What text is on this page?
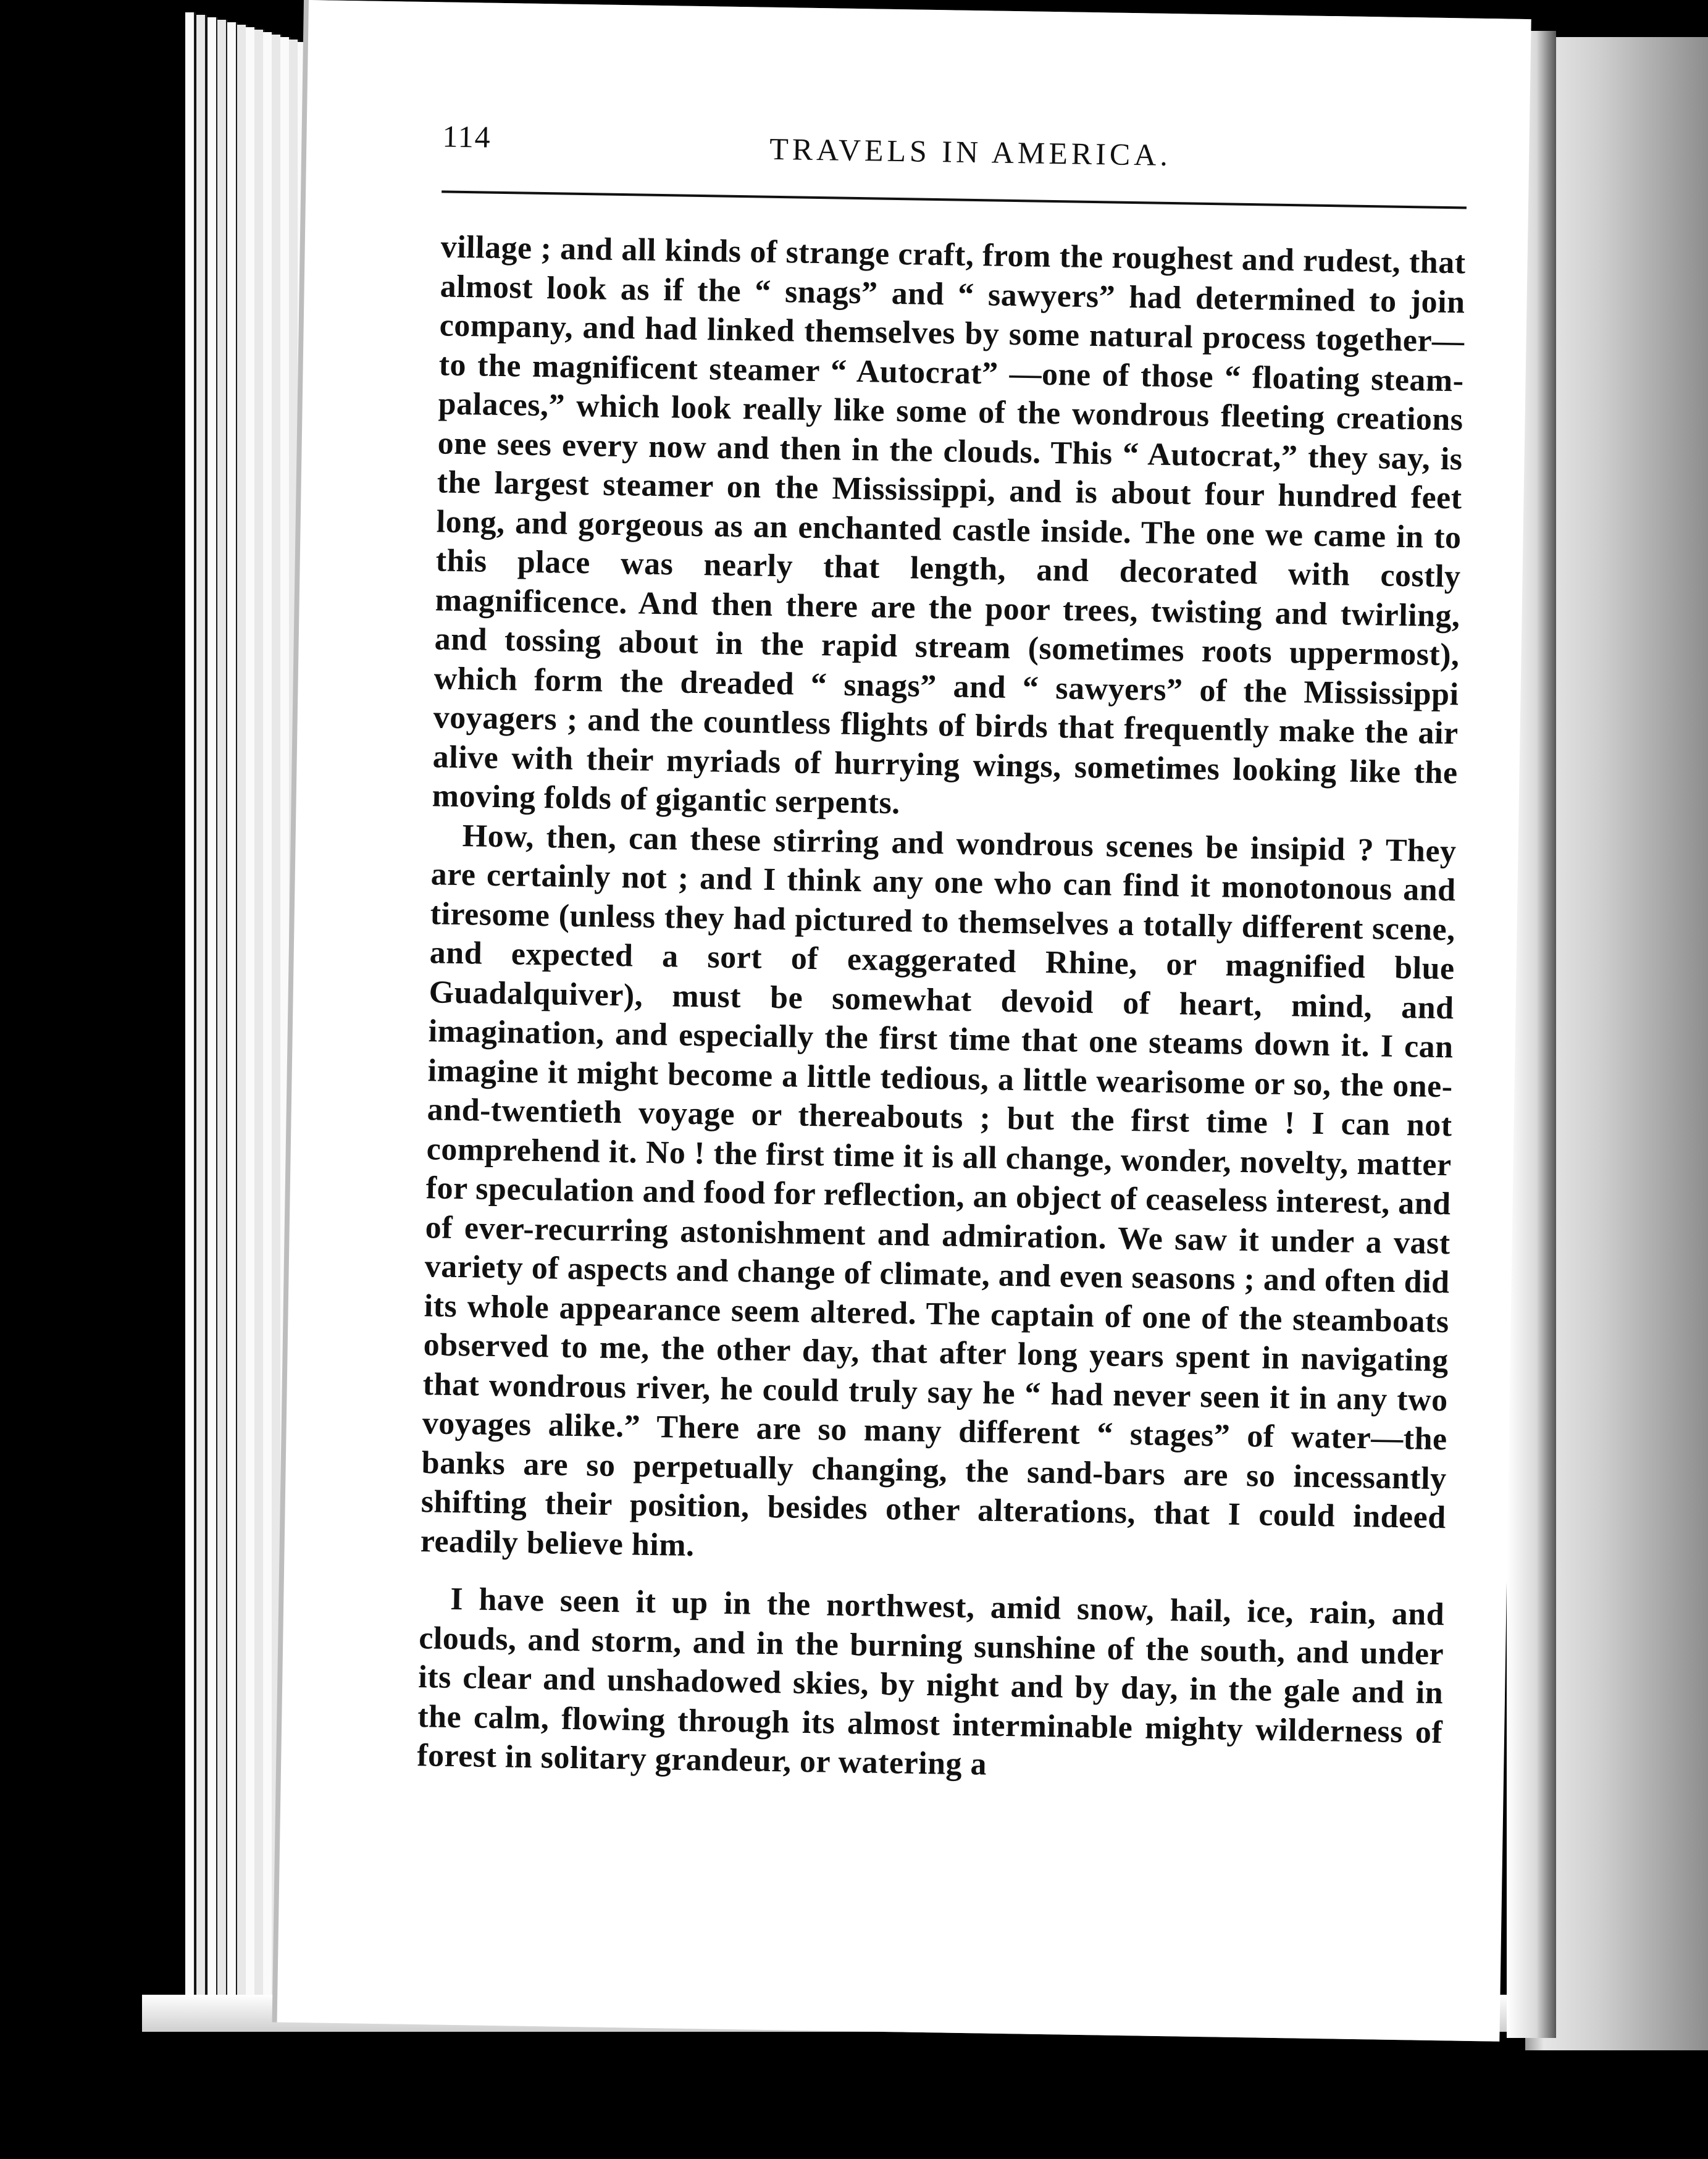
114	TRAVELS IN AMERICA.

village ; and all kinds of strange craft, from the roughest and rudest, that almost look as if the “ snags” and “ sawyers” had determined to join company, and had linked themselves by some natural process together—to the magnificent steamer “ Autocrat” —one of those “ floating steam-palaces,” which look really like some of the wondrous fleeting creations one sees every now and then in the clouds. This “ Autocrat,” they say, is the largest steamer on the Mississippi, and is about four hundred feet long, and gorgeous as an enchanted castle inside. The one we came in to this place was nearly that length, and decorated with costly magnificence. And then there are the poor trees, twisting and twirling, and tossing about in the rapid stream (sometimes roots uppermost), which form the dreaded “ snags” and “ sawyers” of the Mississippi voyagers ; and the countless flights of birds that frequently make the air alive with their myriads of hurrying wings, sometimes looking like the moving folds of gigantic serpents.

How, then, can these stirring and wondrous scenes be insipid ? They are certainly not ; and I think any one who can find it monotonous and tiresome (unless they had pictured to themselves a totally different scene, and expected a sort of exaggerated Rhine, or magnified blue Guadalquiver), must be somewhat devoid of heart, mind, and imagination, and especially the first time that one steams down it. I can imagine it might become a little tedious, a little wearisome or so, the one-and-twentieth voyage or thereabouts ; but the first time ! I can not comprehend it. No ! the first time it is all change, wonder, novelty, matter for speculation and food for reflection, an object of ceaseless interest, and of ever-recurring astonishment and admiration. We saw it under a vast variety of aspects and change of climate, and even seasons ; and often did its whole appearance seem altered. The captain of one of the steamboats observed to me, the other day, that after long years spent in navigating that wondrous river, he could truly say he “ had never seen it in any two voyages alike.” There are so many different “ stages” of water—the banks are so perpetually changing, the sand-bars are so incessantly shifting their position, besides other alterations, that I could indeed readily believe him.

I have seen it up in the northwest, amid snow, hail, ice, rain, and clouds, and storm, and in the burning sunshine of the south, and under its clear and unshadowed skies, by night and by day, in the gale and in the calm, flowing through its almost interminable mighty wilderness of forest in solitary grandeur, or watering a
